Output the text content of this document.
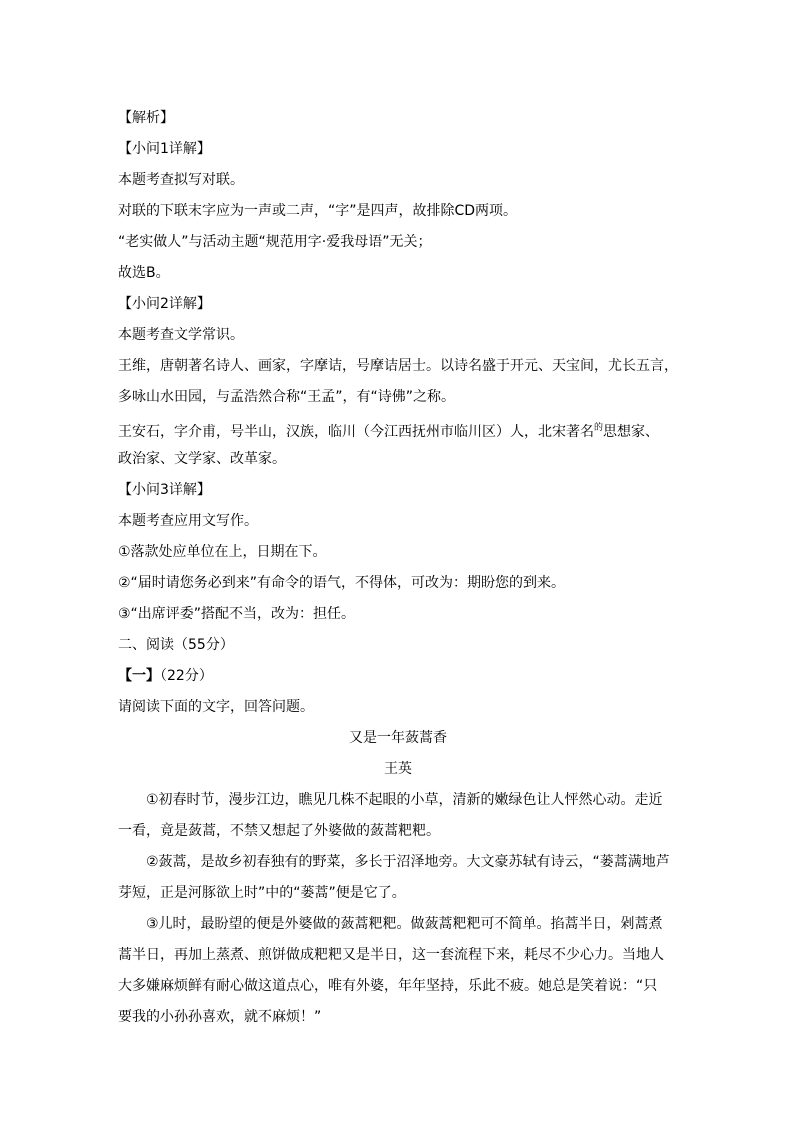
【解析】
【小问1详解】
本题考查拟写对联。
对联的下联末字应为一声或二声，“字”是四声，故排除CD两项。
“老实做人”与活动主题“规范用字·爱我母语”无关；
故选B。
【小问2详解】
本题考查文学常识。
王维，唐朝著名诗人、画家，字摩诘，号摩诘居士。以诗名盛于开元、天宝间，尤长五言，
多咏山水田园，与孟浩然合称“王孟”，有“诗佛”之称。
王安石，字介甫，号半山，汉族，临川（今江西抚州市临川区）人，北宋著名$^的$思想家、
政治家、文学家、改革家。
【小问3详解】
本题考查应用文写作。
①落款处应单位在上，日期在下。
②“届时请您务必到来”有命令的语气，不得体，可改为：期盼您的到来。
③“出席评委”搭配不当，改为：担任。
二、阅读（55分）
【一】（22分）
请阅读下面的文字，回答问题。
又是一年蔹蒿香
王英
①初春时节，漫步江边，瞧见几株不起眼的小草，清新的嫩绿色让人怦然心动。走近
一看，竟是蔹蒿，不禁又想起了外婆做的蔹蒿粑粑。
②蔹蒿，是故乡初春独有的野菜，多长于沼泽地旁。大文豪苏轼有诗云，“蒌蒿满地芦
芽短，正是河豚欲上时”中的“蒌蒿”便是它了。
③儿时，最盼望的便是外婆做的蔹蒿粑粑。做蔹蒿粑粑可不简单。掐蒿半日，剁蒿煮
蒿半日，再加上蒸煮、煎饼做成粑粑又是半日，这一套流程下来，耗尽不少心力。当地人
大多嫌麻烦鲜有耐心做这道点心，唯有外婆，年年坚持，乐此不疲。她总是笑着说：“只
要我的小孙孙喜欢，就不麻烦！”
